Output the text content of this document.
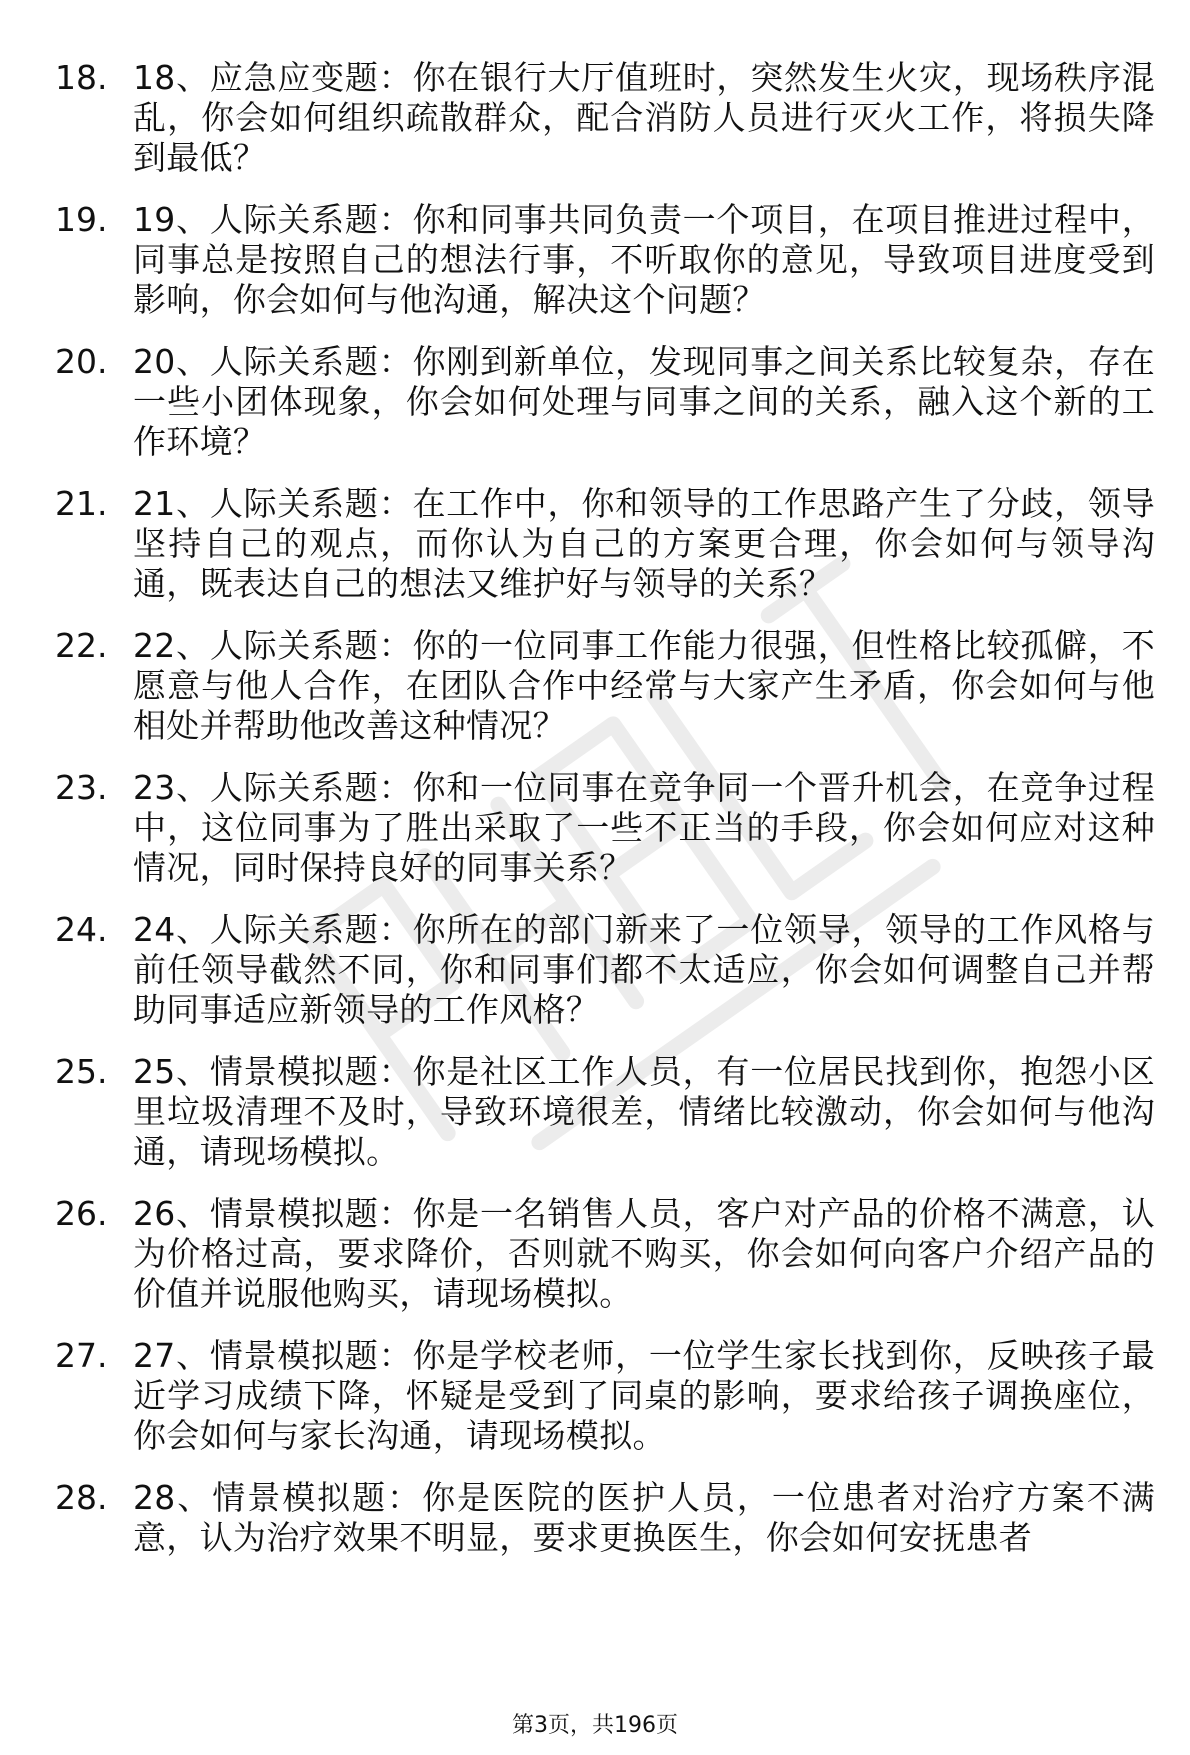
18. 18、应急应变题：你在银行大厅值班时，突然发生火灾，现场秩序混乱，你会如何组织疏散群众，配合消防人员进行灭火工作，将损失降到最低？
19. 19、人际关系题：你和同事共同负责一个项目，在项目推进过程中，同事总是按照自己的想法行事，不听取你的意见，导致项目进度受到影响，你会如何与他沟通，解决这个问题？
20. 20、人际关系题：你刚到新单位，发现同事之间关系比较复杂，存在一些小团体现象，你会如何处理与同事之间的关系，融入这个新的工作环境？
21. 21、人际关系题：在工作中，你和领导的工作思路产生了分歧，领导坚持自己的观点，而你认为自己的方案更合理，你会如何与领导沟通，既表达自己的想法又维护好与领导的关系？
22. 22、人际关系题：你的一位同事工作能力很强，但性格比较孤僻，不愿意与他人合作，在团队合作中经常与大家产生矛盾，你会如何与他相处并帮助他改善这种情况？
23. 23、人际关系题：你和一位同事在竞争同一个晋升机会，在竞争过程中，这位同事为了胜出采取了一些不正当的手段，你会如何应对这种情况，同时保持良好的同事关系？
24. 24、人际关系题：你所在的部门新来了一位领导，领导的工作风格与前任领导截然不同，你和同事们都不太适应，你会如何调整自己并帮助同事适应新领导的工作风格？
25. 25、情景模拟题：你是社区工作人员，有一位居民找到你，抱怨小区里垃圾清理不及时，导致环境很差，情绪比较激动，你会如何与他沟通，请现场模拟。
26. 26、情景模拟题：你是一名销售人员，客户对产品的价格不满意，认为价格过高，要求降价，否则就不购买，你会如何向客户介绍产品的价值并说服他购买，请现场模拟。
27. 27、情景模拟题：你是学校老师，一位学生家长找到你，反映孩子最近学习成绩下降，怀疑是受到了同桌的影响，要求给孩子调换座位，你会如何与家长沟通，请现场模拟。
28. 28、情景模拟题：你是医院的医护人员，一位患者对治疗方案不满意，认为治疗效果不明显，要求更换医生，你会如何安抚患者
第3页，共196页
